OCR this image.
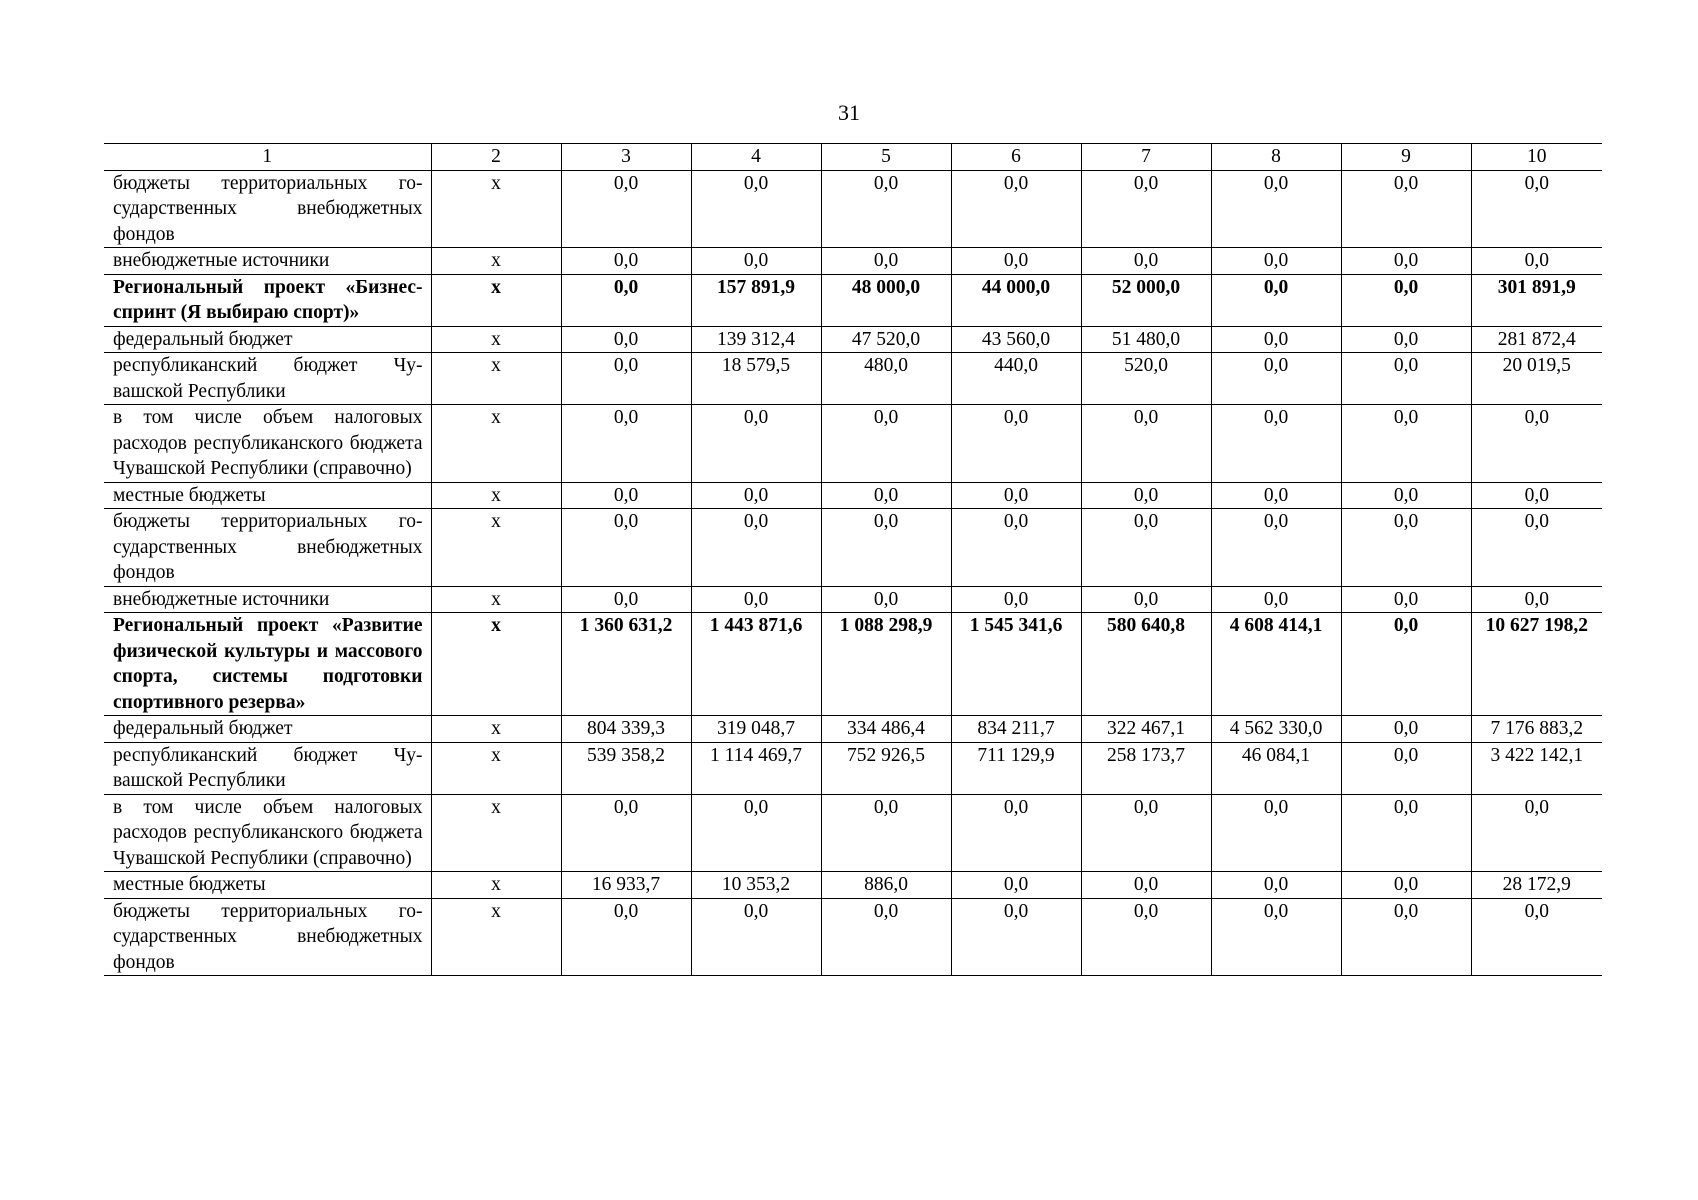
31
1	2	3	4	5	6	7	8	9	10
бюджеты территориальных государственных внебюджетных фондов	x	0,0	0,0	0,0	0,0	0,0	0,0	0,0	0,0
внебюджетные источники	x	0,0	0,0	0,0	0,0	0,0	0,0	0,0	0,0
Региональный проект «Бизнес-спринт (Я выбираю спорт)»	x	0,0	157 891,9	48 000,0	44 000,0	52 000,0	0,0	0,0	301 891,9
федеральный бюджет	x	0,0	139 312,4	47 520,0	43 560,0	51 480,0	0,0	0,0	281 872,4
республиканский бюджет Чувашской Республики	x	0,0	18 579,5	480,0	440,0	520,0	0,0	0,0	20 019,5
в том числе объем налоговых расходов республиканского бюджета Чувашской Республики (справочно)	x	0,0	0,0	0,0	0,0	0,0	0,0	0,0	0,0
местные бюджеты	x	0,0	0,0	0,0	0,0	0,0	0,0	0,0	0,0
бюджеты территориальных государственных внебюджетных фондов	x	0,0	0,0	0,0	0,0	0,0	0,0	0,0	0,0
внебюджетные источники	x	0,0	0,0	0,0	0,0	0,0	0,0	0,0	0,0
Региональный проект «Развитие физической культуры и массового спорта, системы подготовки спортивного резерва»	x	1 360 631,2	1 443 871,6	1 088 298,9	1 545 341,6	580 640,8	4 608 414,1	0,0	10 627 198,2
федеральный бюджет	x	804 339,3	319 048,7	334 486,4	834 211,7	322 467,1	4 562 330,0	0,0	7 176 883,2
республиканский бюджет Чувашской Республики	x	539 358,2	1 114 469,7	752 926,5	711 129,9	258 173,7	46 084,1	0,0	3 422 142,1
в том числе объем налоговых расходов республиканского бюджета Чувашской Республики (справочно)	x	0,0	0,0	0,0	0,0	0,0	0,0	0,0	0,0
местные бюджеты	x	16 933,7	10 353,2	886,0	0,0	0,0	0,0	0,0	28 172,9
бюджеты территориальных государственных внебюджетных фондов	x	0,0	0,0	0,0	0,0	0,0	0,0	0,0	0,0
